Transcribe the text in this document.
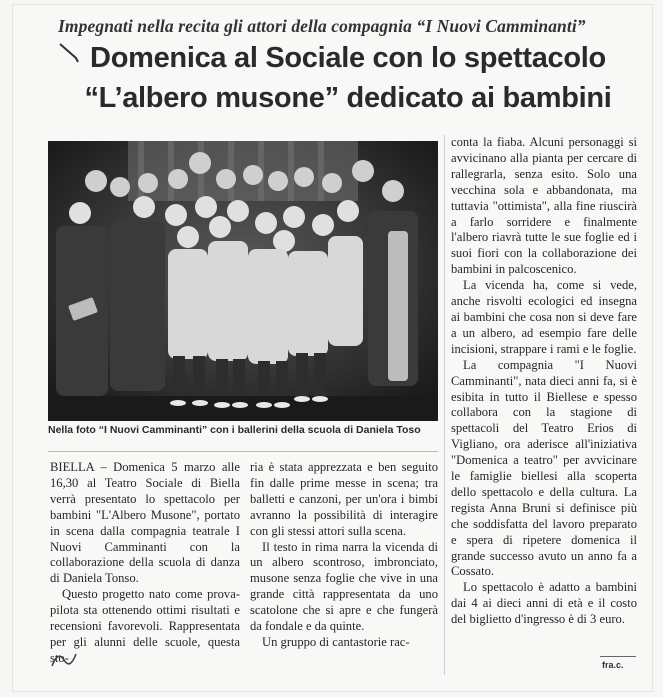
Impegnati nella recita gli attori della compagnia “I Nuovi Camminanti”
Domenica al Sociale con lo spettacolo
“L’albero musone” dedicato ai bambini
Nella foto “I Nuovi Camminanti” con i ballerini della scuola di Daniela Toso

BIELLA – Domenica 5 marzo alle 16,30 al Teatro Sociale di Biella verrà presentato lo spettacolo per bambini "L'Albero Musone", portato in scena dalla compagnia teatrale I Nuovi Camminanti con la collaborazione della scuola di danza di Daniela Tonso.

Questo progetto nato come prova-pilota sta ottenendo ottimi risultati e recensioni favorevoli. Rappresentata per gli alunni delle scuole, questa sto-

ria è stata apprezzata e ben seguito fin dalle prime messe in scena; tra balletti e canzoni, per un'ora i bimbi avranno la possibilità di interagire con gli stessi attori sulla scena.

Il testo in rima narra la vicenda di un albero scontroso, imbronciato, musone senza foglie che vive in una grande città rappresentata da uno scatolone che si apre e che fungerà da fondale e da quinte.

Un gruppo di cantastorie rac-

conta la fiaba. Alcuni personaggi si avvicinano alla pianta per cercare di rallegrarla, senza esito. Solo una vecchina sola e abbandonata, ma tuttavia "ottimista", alla fine riuscirà a farlo sorridere e finalmente l'albero riavrà tutte le sue foglie ed i suoi fiori con la collaborazione dei bambini in palcoscenico.

La vicenda ha, come si vede, anche risvolti ecologici ed insegna ai bambini che cosa non si deve fare a un albero, ad esempio fare delle incisioni, strappare i rami e le foglie.

La compagnia "I Nuovi Camminanti", nata dieci anni fa, si è esibita in tutto il Biellese e spesso collabora con la stagione di spettacoli del Teatro Erios di Vigliano, ora aderisce all'iniziativa "Domenica a teatro" per avvicinare le famiglie biellesi alla scoperta dello spettacolo e della cultura. La regista Anna Bruni si definisce più che soddisfatta del lavoro preparato e spera di ripetere domenica il grande successo avuto un anno fa a Cossato.

Lo spettacolo è adatto a bambini dai 4 ai dieci anni di età e il costo del biglietto d'ingresso è di 3 euro.

fra.c.
